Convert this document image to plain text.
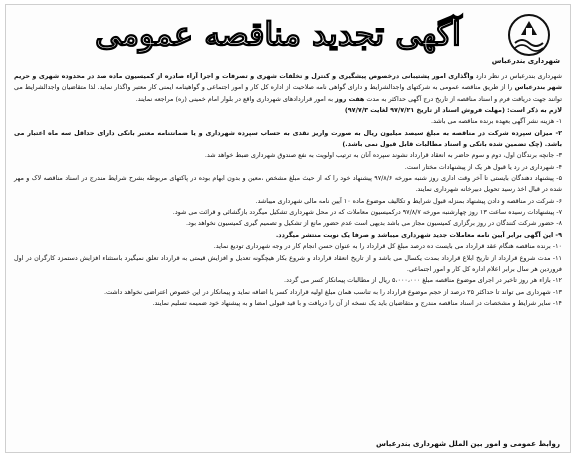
شهرداری بندرعباس
آگهی تجدید مناقصه عمومی

شهرداری بندرعباس در نظر دارد واگذاری امور پشتیبانی درخصوص پیشگیری و کنترل و تخلفات شهری و تصرفات و اجرا آراء صادره از کمیسیون ماده صد در محدوده شهری و حریم شهر بندرعباس را از طریق مناقصه عمومی به شرکتهای واجدالشرایط و دارای گواهی نامه صلاحیت از اداره کل کار و امور اجتماعی و گواهینامه ایمنی کار معتبر واگذار نماید. لذا متقاضیان واجدالشرایط می توانند جهت دریافت فرم و اسناد مناقصه از تاریخ درج آگهی حداکثر به مدت هفت روز به امور قراردادهای شهرداری واقع در بلوار امام خمینی (ره) مراجعه نمایند.

لازم به ذکر است: (مهلت فروش اسناد از تاریخ ۹۷/۷/۲۱ لغایت ۹۷/۷/۳)

۱- هزینه نشر آگهی بعهده برنده مناقصه می باشد.
۲- میزان سپرده شرکت در مناقصه به مبلغ سیصد میلیون ریال به صورت واریز نقدی به حساب سپرده شهرداری و یا ضمانتنامه معتبر بانکی دارای حداقل سه ماه اعتبار می باشد. (چک تضمین شده بانکی و اسناد مطالبات قابل قبول نمی باشد.)
۳- جانچه برندگان اول، دوم و سوم حاضر به انعقاد قرارداد نشوند سپرده آنان به ترتیب اولویت به نفع صندوق شهرداری ضبط خواهد شد.
۴- شهرداری در رد یا قبول هر یک از پیشنهادات مختار است.
۵- پیشنهاد دهندگان بایستی تا آخر وقت اداری روز شنبه مورخه ۹۷/۸/۶ پیشنهاد خود را که از حیث مبلغ مشخص ،معین و بدون ابهام بوده در پاکتهای مربوطه بشرح شرایط مندرج در اسناد مناقصه لاک و مهر شده در قبال اخذ رسید تحویل دبیرخانه شهرداری نمایند.
۶- شرکت در مناقصه و دادن پیشنهاد بمنزله قبول شرایط و تکالیف موضوع ماده ۱۰ آیین نامه مالی شهرداری میباشد.
۷- پیشنهادات رسیده ساعت ۱۳ روز چهارشنبه مورخه ۹۷/۸/۷ درکمیسیون معاملات که در محل شهرداری تشکیل میگردد بازگشائی و قرائت می شود.
۸- حضور شرکت کنندگان در روز برگزاری کمیسیون مجاز می باشد بدیهی است عدم حضور مانع از تشکیل و تصمیم گیری کمیسیون نخواهد بود.
۹- این آگهی برابر آیین نامه معاملات جدید شهرداری میباشد و صرفا یک نوبت منتشر میگردد.
۱۰- برنده مناقصه هنگام عقد قرارداد می بایست ده درصد مبلغ کل قرارداد را به عنوان حسن انجام کار در وجه شهرداری تودیع نماید.
۱۱- مدت شروع قرارداد از تاریخ ابلاغ قرارداد بمدت یکسال می باشد و از تاریخ انعقاد قرارداد و شروع بکار هیچگونه تعدیل و افزایش قیمتی به قرارداد تعلق نمیگیرد باستثناء افزایش دستمزد کارگران در اول فروردین هر سال برابر اعلام اداره کل کار و امور اجتماعی.
۱۲- بازاء هر روز تاخیر در اجرای موضوع مناقصه مبلغ ۵،۰۰۰،۰۰۰ ریال از مطالبات پیمانکار کسر می گردد.
۱۳- شهرداری می تواند تا حداکثر ۲۵ درصد از حجم موضوع قرارداد را به تناسب همان مبلغ اولیه قرارداد کسر یا اضافه نماید و پیمانکار در این خصوص اعتراضی نخواهد داشت.
۱۴- سایر شرایط و مشخصات در اسناد مناقصه مندرج و متقاضیان باید یک نسخه از آن را دریافت و با قید قبولی امضا و به پیشنهاد خود ضمیمه تسلیم نمایند.
روابط عمومی و امور بین الملل شهرداری بندرعباس
